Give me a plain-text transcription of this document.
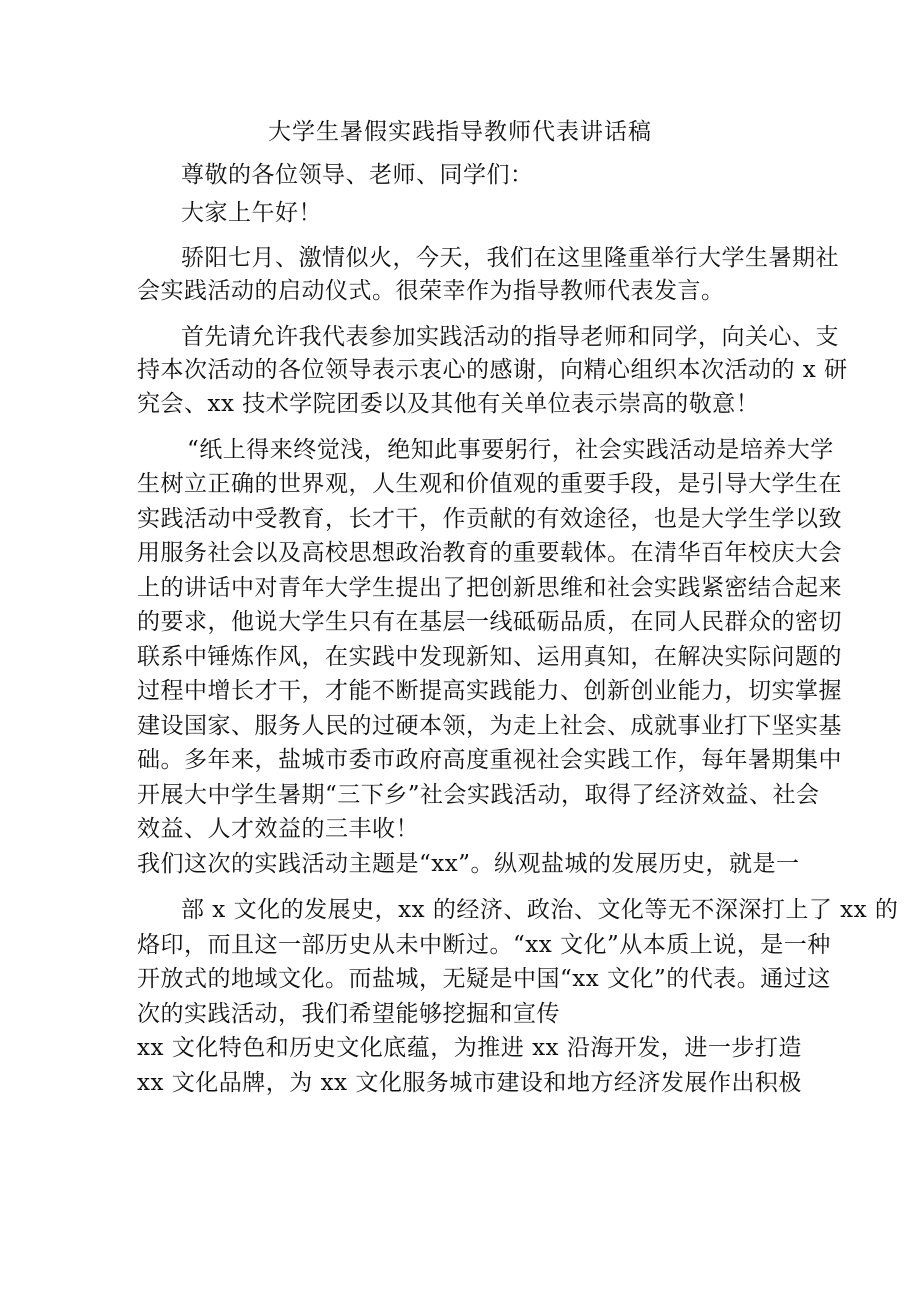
大学生暑假实践指导教师代表讲话稿
尊敬的各位领导、老师、同学们：
大家上午好！
骄阳七月、激情似火，今天，我们在这里隆重举行大学生暑期社
会实践活动的启动仪式。很荣幸作为指导教师代表发言。
首先请允许我代表参加实践活动的指导老师和同学，向关心、支
持本次活动的各位领导表示衷心的感谢，向精心组织本次活动的 x 研
究会、xx 技术学院团委以及其他有关单位表示崇高的敬意！
“纸上得来终觉浅，绝知此事要躬行，社会实践活动是培养大学
生树立正确的世界观，人生观和价值观的重要手段，是引导大学生在
实践活动中受教育，长才干，作贡献的有效途径，也是大学生学以致
用服务社会以及高校思想政治教育的重要载体。在清华百年校庆大会
上的讲话中对青年大学生提出了把创新思维和社会实践紧密结合起来
的要求，他说大学生只有在基层一线砥砺品质，在同人民群众的密切
联系中锤炼作风，在实践中发现新知、运用真知，在解决实际问题的
过程中增长才干，才能不断提高实践能力、创新创业能力，切实掌握
建设国家、服务人民的过硬本领，为走上社会、成就事业打下坚实基
础。多年来，盐城市委市政府高度重视社会实践工作，每年暑期集中
开展大中学生暑期“三下乡”社会实践活动，取得了经济效益、社会
效益、人才效益的三丰收！
我们这次的实践活动主题是“xx”。纵观盐城的发展历史，就是一
部 x 文化的发展史，xx 的经济、政治、文化等无不深深打上了 xx 的
烙印，而且这一部历史从未中断过。“xx 文化”从本质上说，是一种
开放式的地域文化。而盐城，无疑是中国“xx 文化”的代表。通过这
次的实践活动，我们希望能够挖掘和宣传
xx 文化特色和历史文化底蕴，为推进 xx 沿海开发，进一步打造
xx 文化品牌，为 xx 文化服务城市建设和地方经济发展作出积极
